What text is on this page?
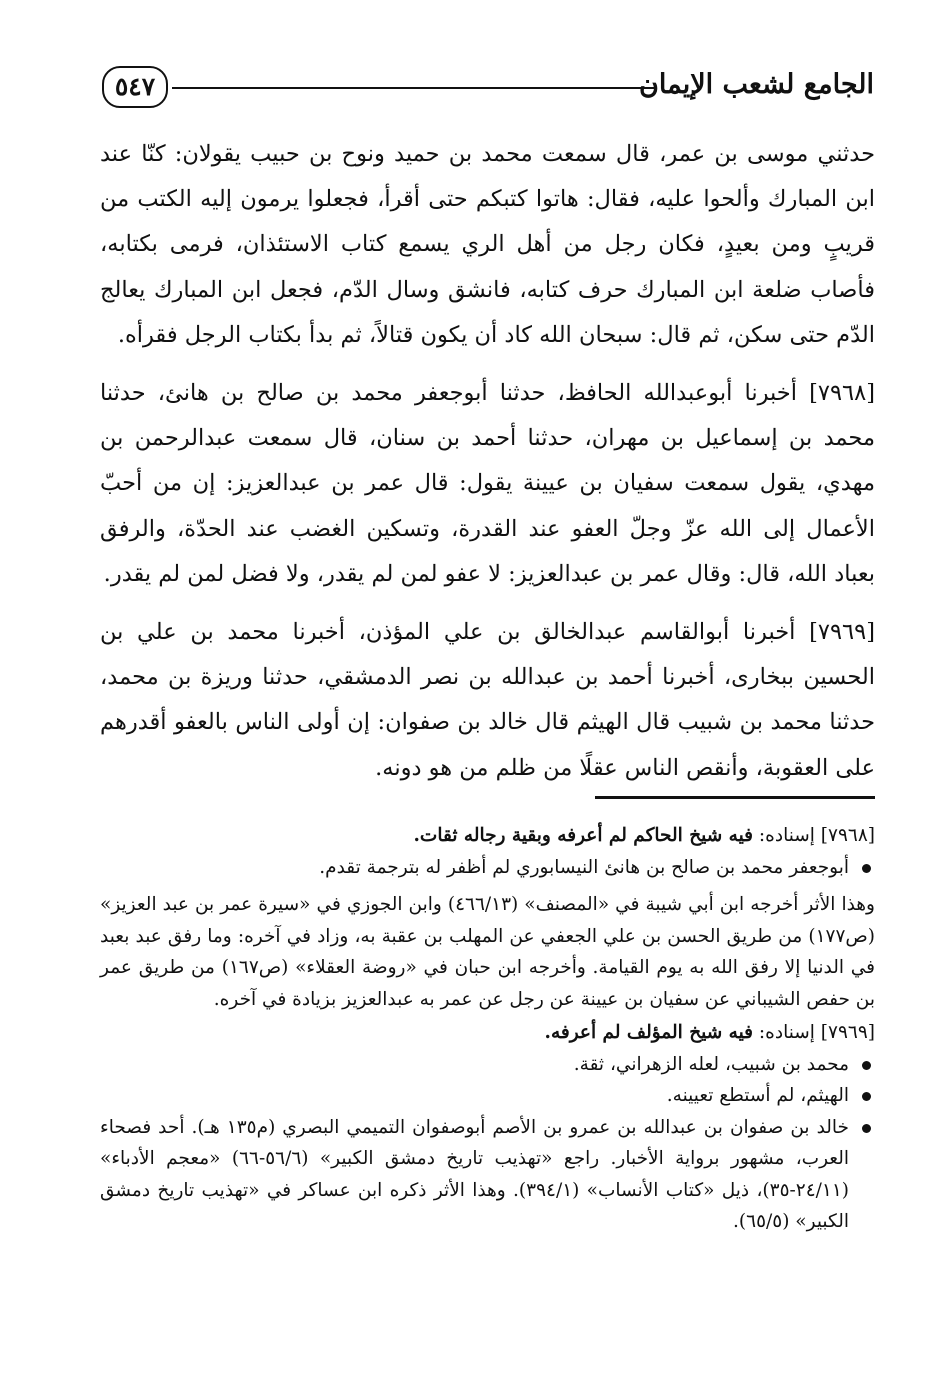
الجامع لشعب الإيمان
٥٤٧

حدثني موسى بن عمر، قال سمعت محمد بن حميد ونوح بن حبيب يقولان: كنّا عند ابن المبارك وألحوا عليه، فقال: هاتوا كتبكم حتى أقرأ، فجعلوا يرمون إليه الكتب من قريبٍ ومن بعيدٍ، فكان رجل من أهل الري يسمع كتاب الاستئذان، فرمى بكتابه، فأصاب ضلعة ابن المبارك حرف كتابه، فانشق وسال الدّم، فجعل ابن المبارك يعالج الدّم حتى سكن، ثم قال: سبحان الله كاد أن يكون قتالاً، ثم بدأ بكتاب الرجل فقرأه.

[٧٩٦٨] أخبرنا أبوعبدالله الحافظ، حدثنا أبوجعفر محمد بن صالح بن هانئ، حدثنا محمد بن إسماعيل بن مهران، حدثنا أحمد بن سنان، قال سمعت عبدالرحمن بن مهدي، يقول سمعت سفيان بن عيينة يقول: قال عمر بن عبدالعزيز: إن من أحبّ الأعمال إلى الله عزّ وجلّ العفو عند القدرة، وتسكين الغضب عند الحدّة، والرفق بعباد الله، قال: وقال عمر بن عبدالعزيز: لا عفو لمن لم يقدر، ولا فضل لمن لم يقدر.

[٧٩٦٩] أخبرنا أبوالقاسم عبدالخالق بن علي المؤذن، أخبرنا محمد بن علي بن الحسين ببخارى، أخبرنا أحمد بن عبدالله بن نصر الدمشقي، حدثنا وريزة بن محمد، حدثنا محمد بن شبيب قال الهيثم قال خالد بن صفوان: إن أولى الناس بالعفو أقدرهم على العقوبة، وأنقص الناس عقلًا من ظلم من هو دونه.

[٧٩٦٨] إسناده: فيه شيخ الحاكم لم أعرفه وبقية رجاله ثقات.

أبوجعفر محمد بن صالح بن هانئ النيسابوري لم أظفر له بترجمة تقدم.

وهذا الأثر أخرجه ابن أبي شيبة في «المصنف» (٤٦٦/١٣) وابن الجوزي في «سيرة عمر بن عبد العزيز» (ص١٧٧) من طريق الحسن بن علي الجعفي عن المهلب بن عقبة به، وزاد في آخره: وما رفق عبد بعبد في الدنيا إلا رفق الله به يوم القيامة. وأخرجه ابن حبان في «روضة العقلاء» (ص١٦٧) من طريق عمر بن حفص الشيباني عن سفيان بن عيينة عن رجل عن عمر به عبدالعزيز بزيادة في آخره.

[٧٩٦٩] إسناده: فيه شيخ المؤلف لم أعرفه.

محمد بن شبيب، لعله الزهراني، ثقة.
الهيثم، لم أستطع تعيينه.
خالد بن صفوان بن عبدالله بن عمرو بن الأصم أبوصفوان التميمي البصري (م١٣٥ هـ). أحد فصحاء العرب، مشهور برواية الأخبار. راجع «تهذيب تاريخ دمشق الكبير» (٥٦/٦-٦٦) «معجم الأدباء» (٢٤/١١-٣٥)، ذيل «كتاب الأنساب» (٣٩٤/١). وهذا الأثر ذكره ابن عساكر في «تهذيب تاريخ دمشق الكبير» (٦٥/٥).
